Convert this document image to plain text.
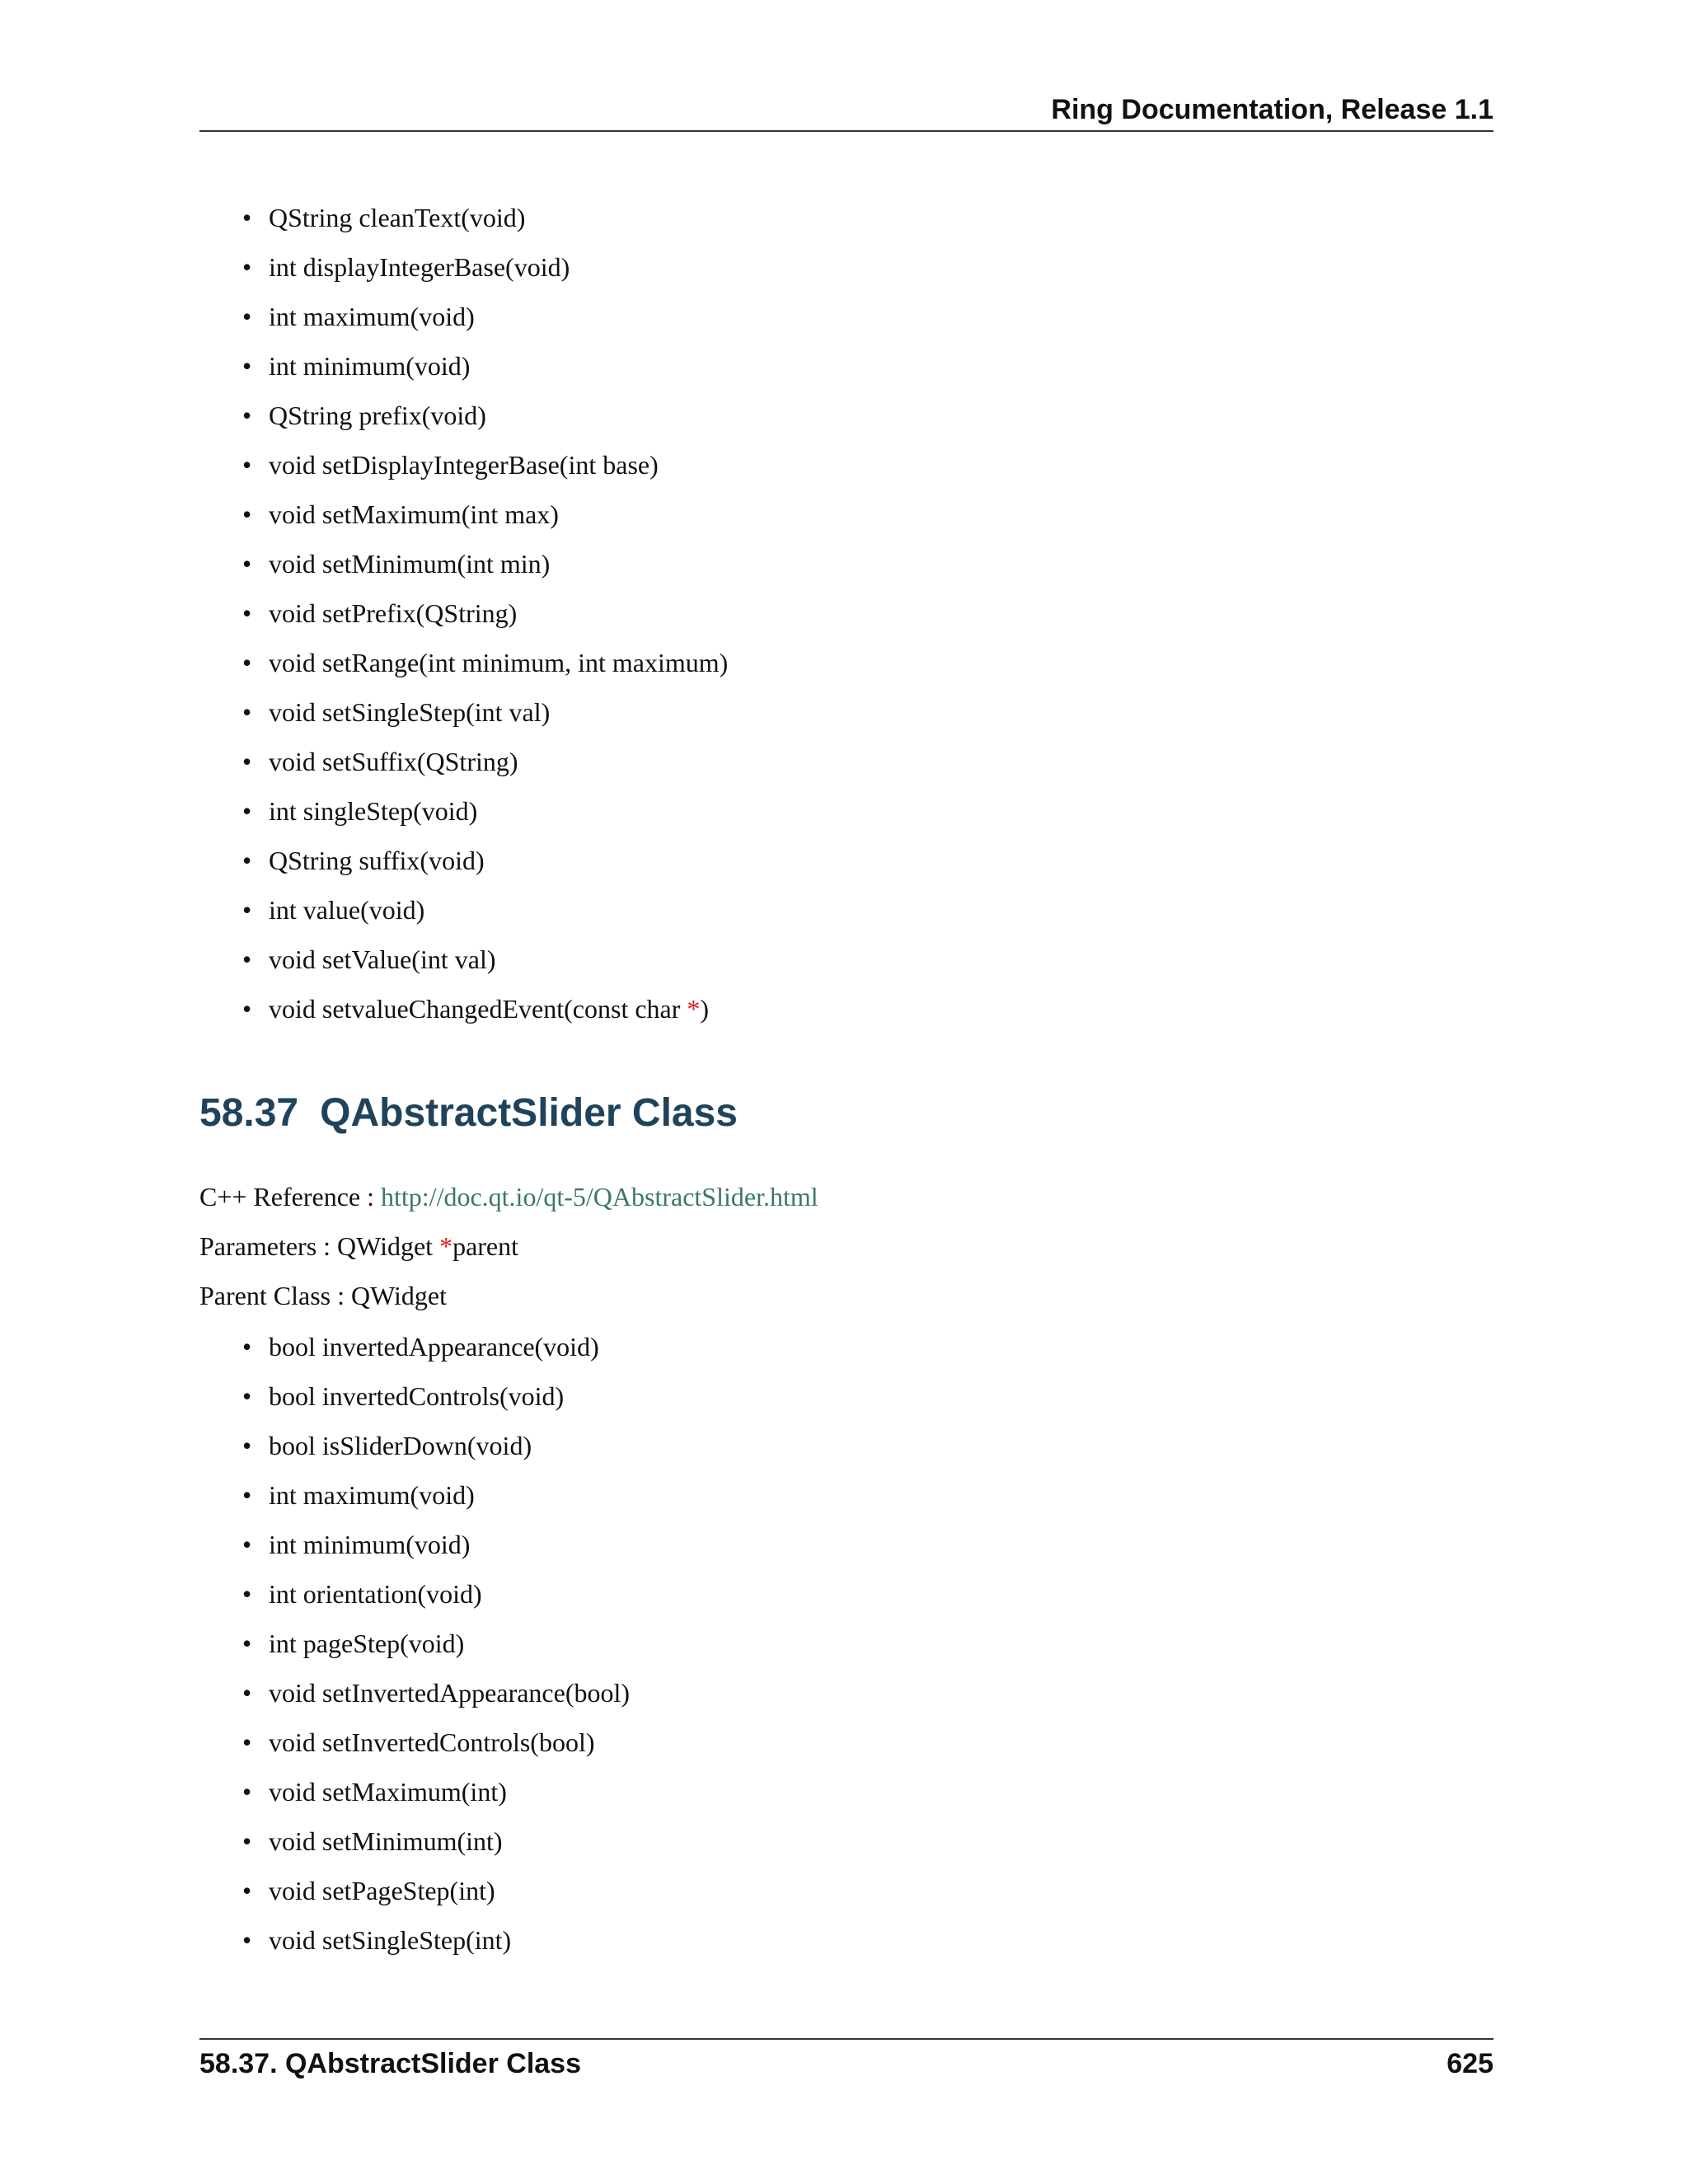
Ring Documentation, Release 1.1
• QString cleanText(void)
• int displayIntegerBase(void)
• int maximum(void)
• int minimum(void)
• QString prefix(void)
• void setDisplayIntegerBase(int base)
• void setMaximum(int max)
• void setMinimum(int min)
• void setPrefix(QString)
• void setRange(int minimum, int maximum)
• void setSingleStep(int val)
• void setSuffix(QString)
• int singleStep(void)
• QString suffix(void)
• int value(void)
• void setValue(int val)
• void setvalueChangedEvent(const char *)
58.37 QAbstractSlider Class
C++ Reference : http://doc.qt.io/qt-5/QAbstractSlider.html
Parameters : QWidget *parent
Parent Class : QWidget
• bool invertedAppearance(void)
• bool invertedControls(void)
• bool isSliderDown(void)
• int maximum(void)
• int minimum(void)
• int orientation(void)
• int pageStep(void)
• void setInvertedAppearance(bool)
• void setInvertedControls(bool)
• void setMaximum(int)
• void setMinimum(int)
• void setPageStep(int)
• void setSingleStep(int)
58.37. QAbstractSlider Class	625
